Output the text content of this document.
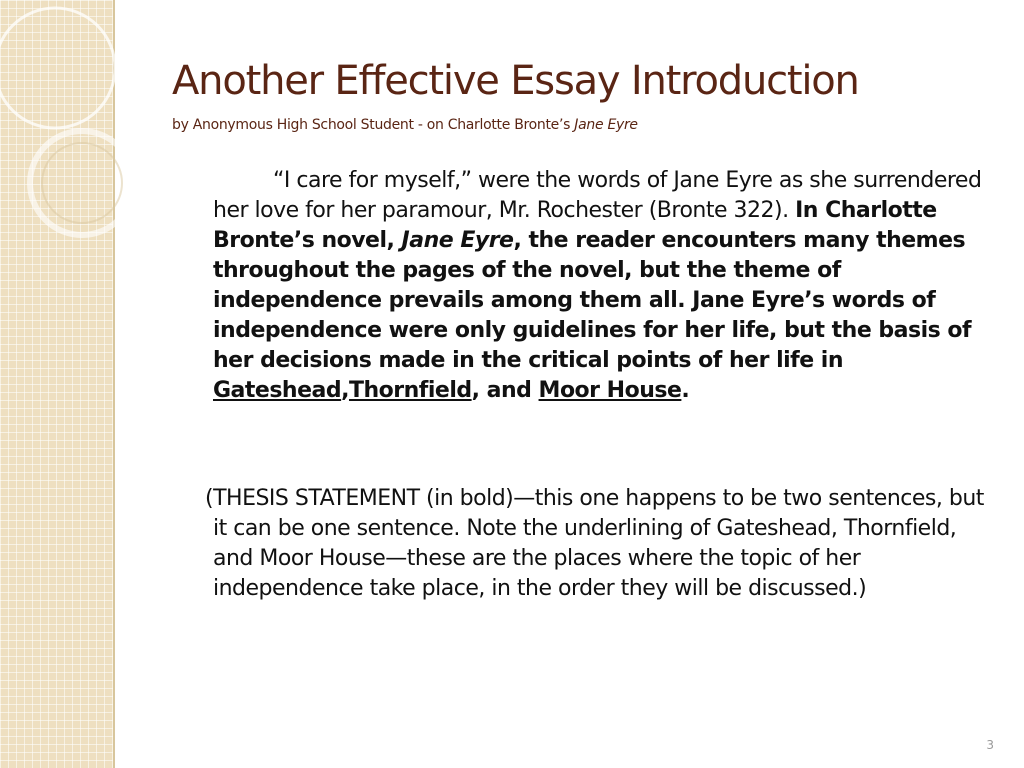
Another Effective Essay Introduction
by Anonymous High School Student - on Charlotte Bronte’s Jane Eyre
“I care for myself,” were the words of Jane Eyre as she surrendered her love for her paramour, Mr. Rochester (Bronte 322). In Charlotte Bronte’s novel, Jane Eyre, the reader encounters many themes throughout the pages of the novel, but the theme of independence prevails among them all. Jane Eyre’s words of independence were only guidelines for her life, but the basis of her decisions made in the critical points of her life in Gateshead,Thornfield, and Moor House.
(THESIS STATEMENT (in bold)—this one happens to be two sentences, but it can be one sentence. Note the underlining of Gateshead, Thornfield, and Moor House—these are the places where the topic of her independence take place, in the order they will be discussed.)
3
